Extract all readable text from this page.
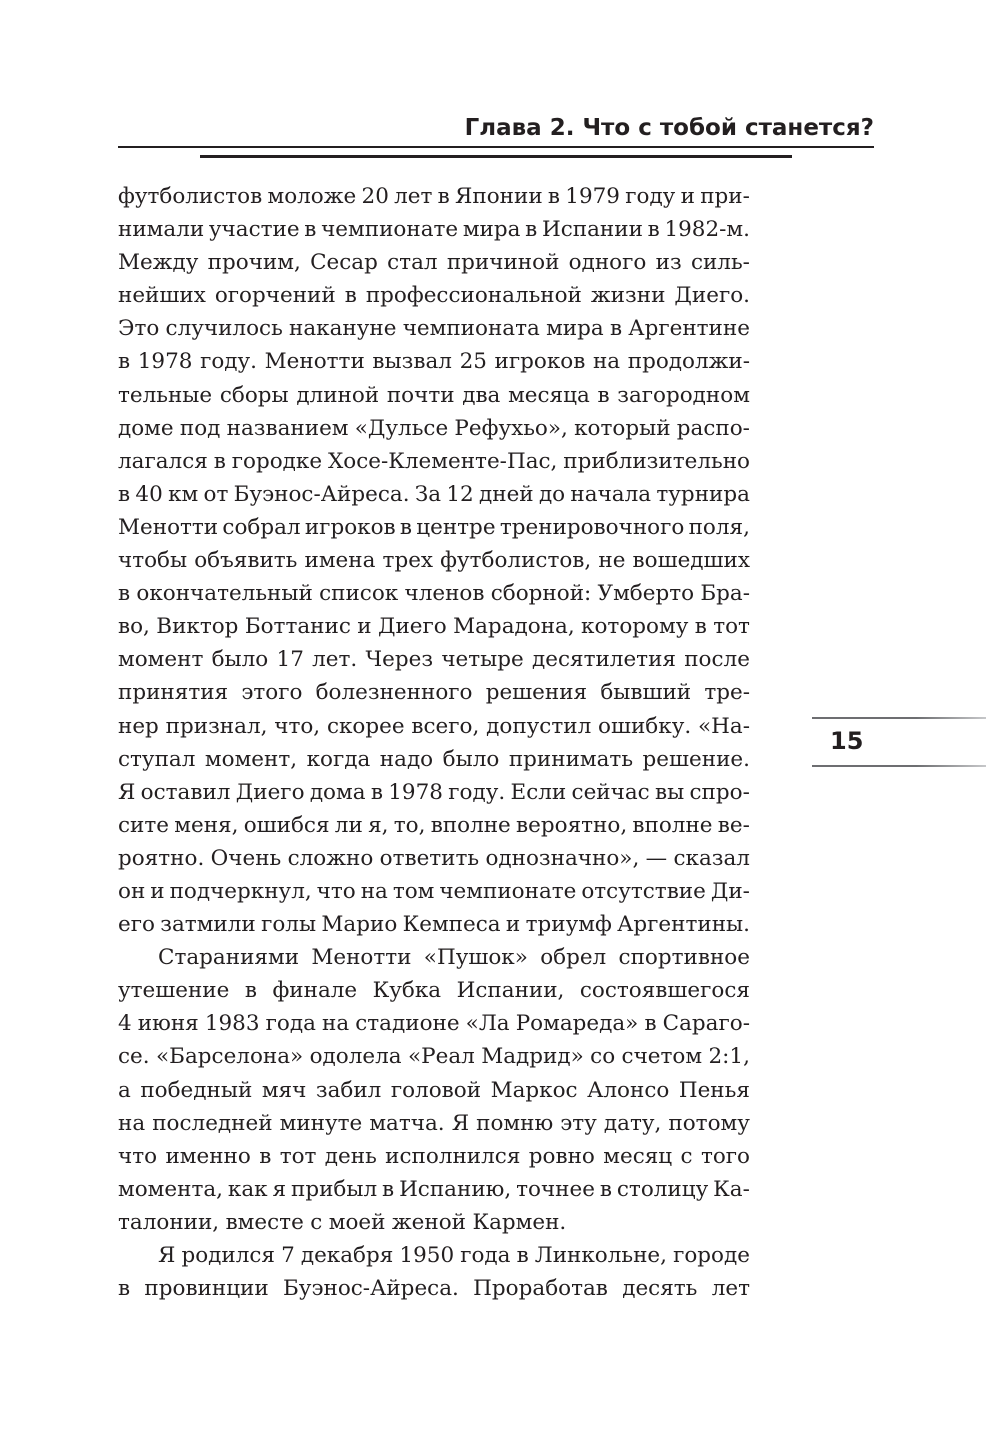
Глава 2. Что с тобой станется?
футболистов моложе 20 лет в Японии в 1979 году и при-
нимали участие в чемпионате мира в Испании в 1982-м.
Между прочим, Сесар стал причиной одного из силь-
нейших огорчений в профессиональной жизни Диего.
Это случилось накануне чемпионата мира в Аргентине
в 1978 году. Менотти вызвал 25 игроков на продолжи-
тельные сборы длиной почти два месяца в загородном
доме под названием «Дульсе Рефухьо», который распо-
лагался в городке Хосе-Клементе-Пас, приблизительно
в 40 км от Буэнос-Айреса. За 12 дней до начала турнира
Менотти собрал игроков в центре тренировочного поля,
чтобы объявить имена трех футболистов, не вошедших
в окончательный список членов сборной: Умберто Бра-
во, Виктор Боттанис и Диего Марадона, которому в тот
момент было 17 лет. Через четыре десятилетия после
принятия этого болезненного решения бывший тре-
нер признал, что, скорее всего, допустил ошибку. «На-
ступал момент, когда надо было принимать решение.
Я оставил Диего дома в 1978 году. Если сейчас вы спро-
сите меня, ошибся ли я, то, вполне вероятно, вполне ве-
роятно. Очень сложно ответить однозначно», — сказал
он и подчеркнул, что на том чемпионате отсутствие Ди-
его затмили голы Марио Кемпеса и триумф Аргентины.
Стараниями Менотти «Пушок» обрел спортивное
утешение в финале Кубка Испании, состоявшегося
4 июня 1983 года на стадионе «Ла Ромареда» в Сараго-
се. «Барселона» одолела «Реал Мадрид» со счетом 2:1,
а победный мяч забил головой Маркос Алонсо Пенья
на последней минуте матча. Я помню эту дату, потому
что именно в тот день исполнился ровно месяц с того
момента, как я прибыл в Испанию, точнее в столицу Ка-
талонии, вместе с моей женой Кармен.
Я родился 7 декабря 1950 года в Линкольне, городе
в провинции Буэнос-Айреса. Проработав десять лет
15
